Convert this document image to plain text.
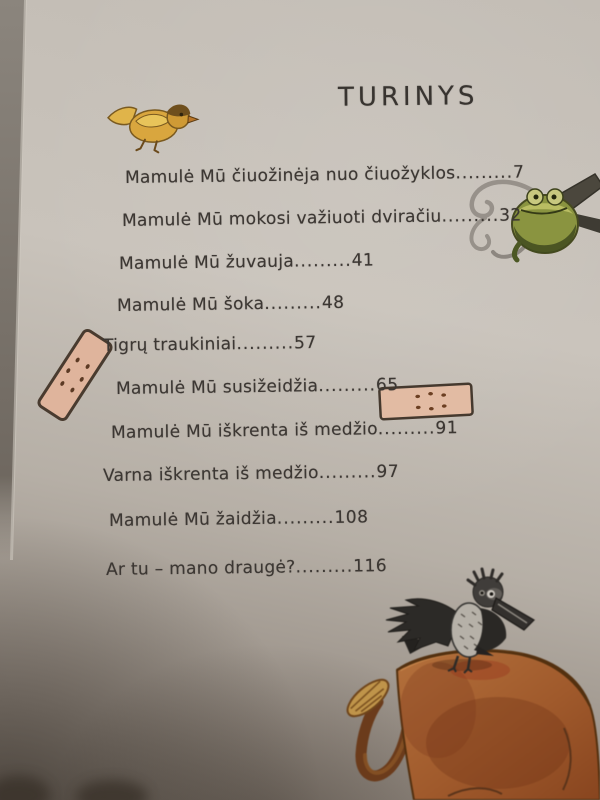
TURINYS
Mamulė Mū čiuožinėja nuo čiuožyklos.........7
Mamulė Mū mokosi važiuoti dviračiu.........32
Mamulė Mū žuvauja.........41
Mamulė Mū šoka.........48
Tigrų traukiniai.........57
Mamulė Mū susižeidžia.........65
Mamulė Mū iškrenta iš medžio.........91
Varna iškrenta iš medžio.........97
Mamulė Mū žaidžia.........108
Ar tu – mano draugė?.........116
